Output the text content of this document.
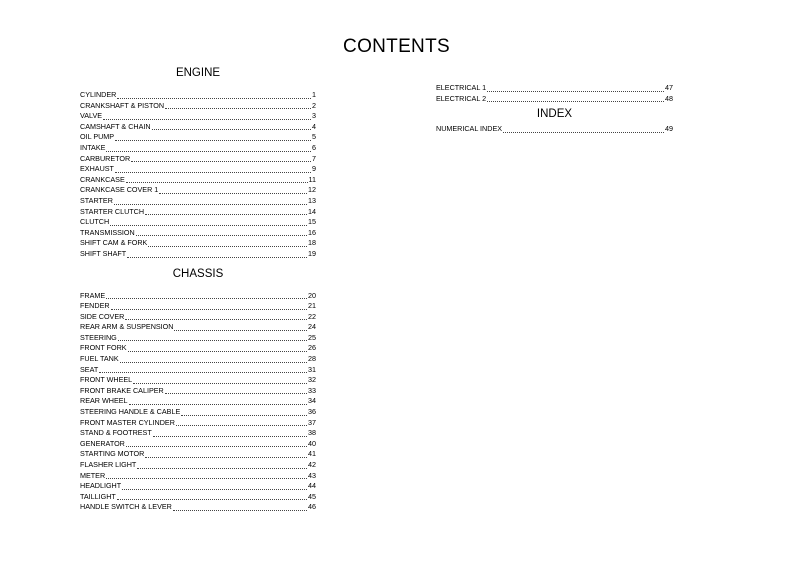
CONTENTS
ENGINE
CYLINDER	1
CRANKSHAFT & PISTON	2
VALVE	3
CAMSHAFT & CHAIN	4
OIL PUMP	5
INTAKE	6
CARBURETOR	7
EXHAUST	9
CRANKCASE	11
CRANKCASE COVER 1	12
STARTER	13
STARTER CLUTCH	14
CLUTCH	15
TRANSMISSION	16
SHIFT CAM & FORK	18
SHIFT SHAFT	19
CHASSIS
FRAME	20
FENDER	21
SIDE COVER	22
REAR ARM & SUSPENSION	24
STEERING	25
FRONT FORK	26
FUEL TANK	28
SEAT	31
FRONT WHEEL	32
FRONT BRAKE CALIPER	33
REAR WHEEL	34
STEERING HANDLE & CABLE	36
FRONT MASTER CYLINDER	37
STAND & FOOTREST	38
GENERATOR	40
STARTING MOTOR	41
FLASHER LIGHT	42
METER	43
HEADLIGHT	44
TAILLIGHT	45
HANDLE SWITCH & LEVER	46
ELECTRICAL 1	47
ELECTRICAL 2	48
INDEX
NUMERICAL INDEX	49
